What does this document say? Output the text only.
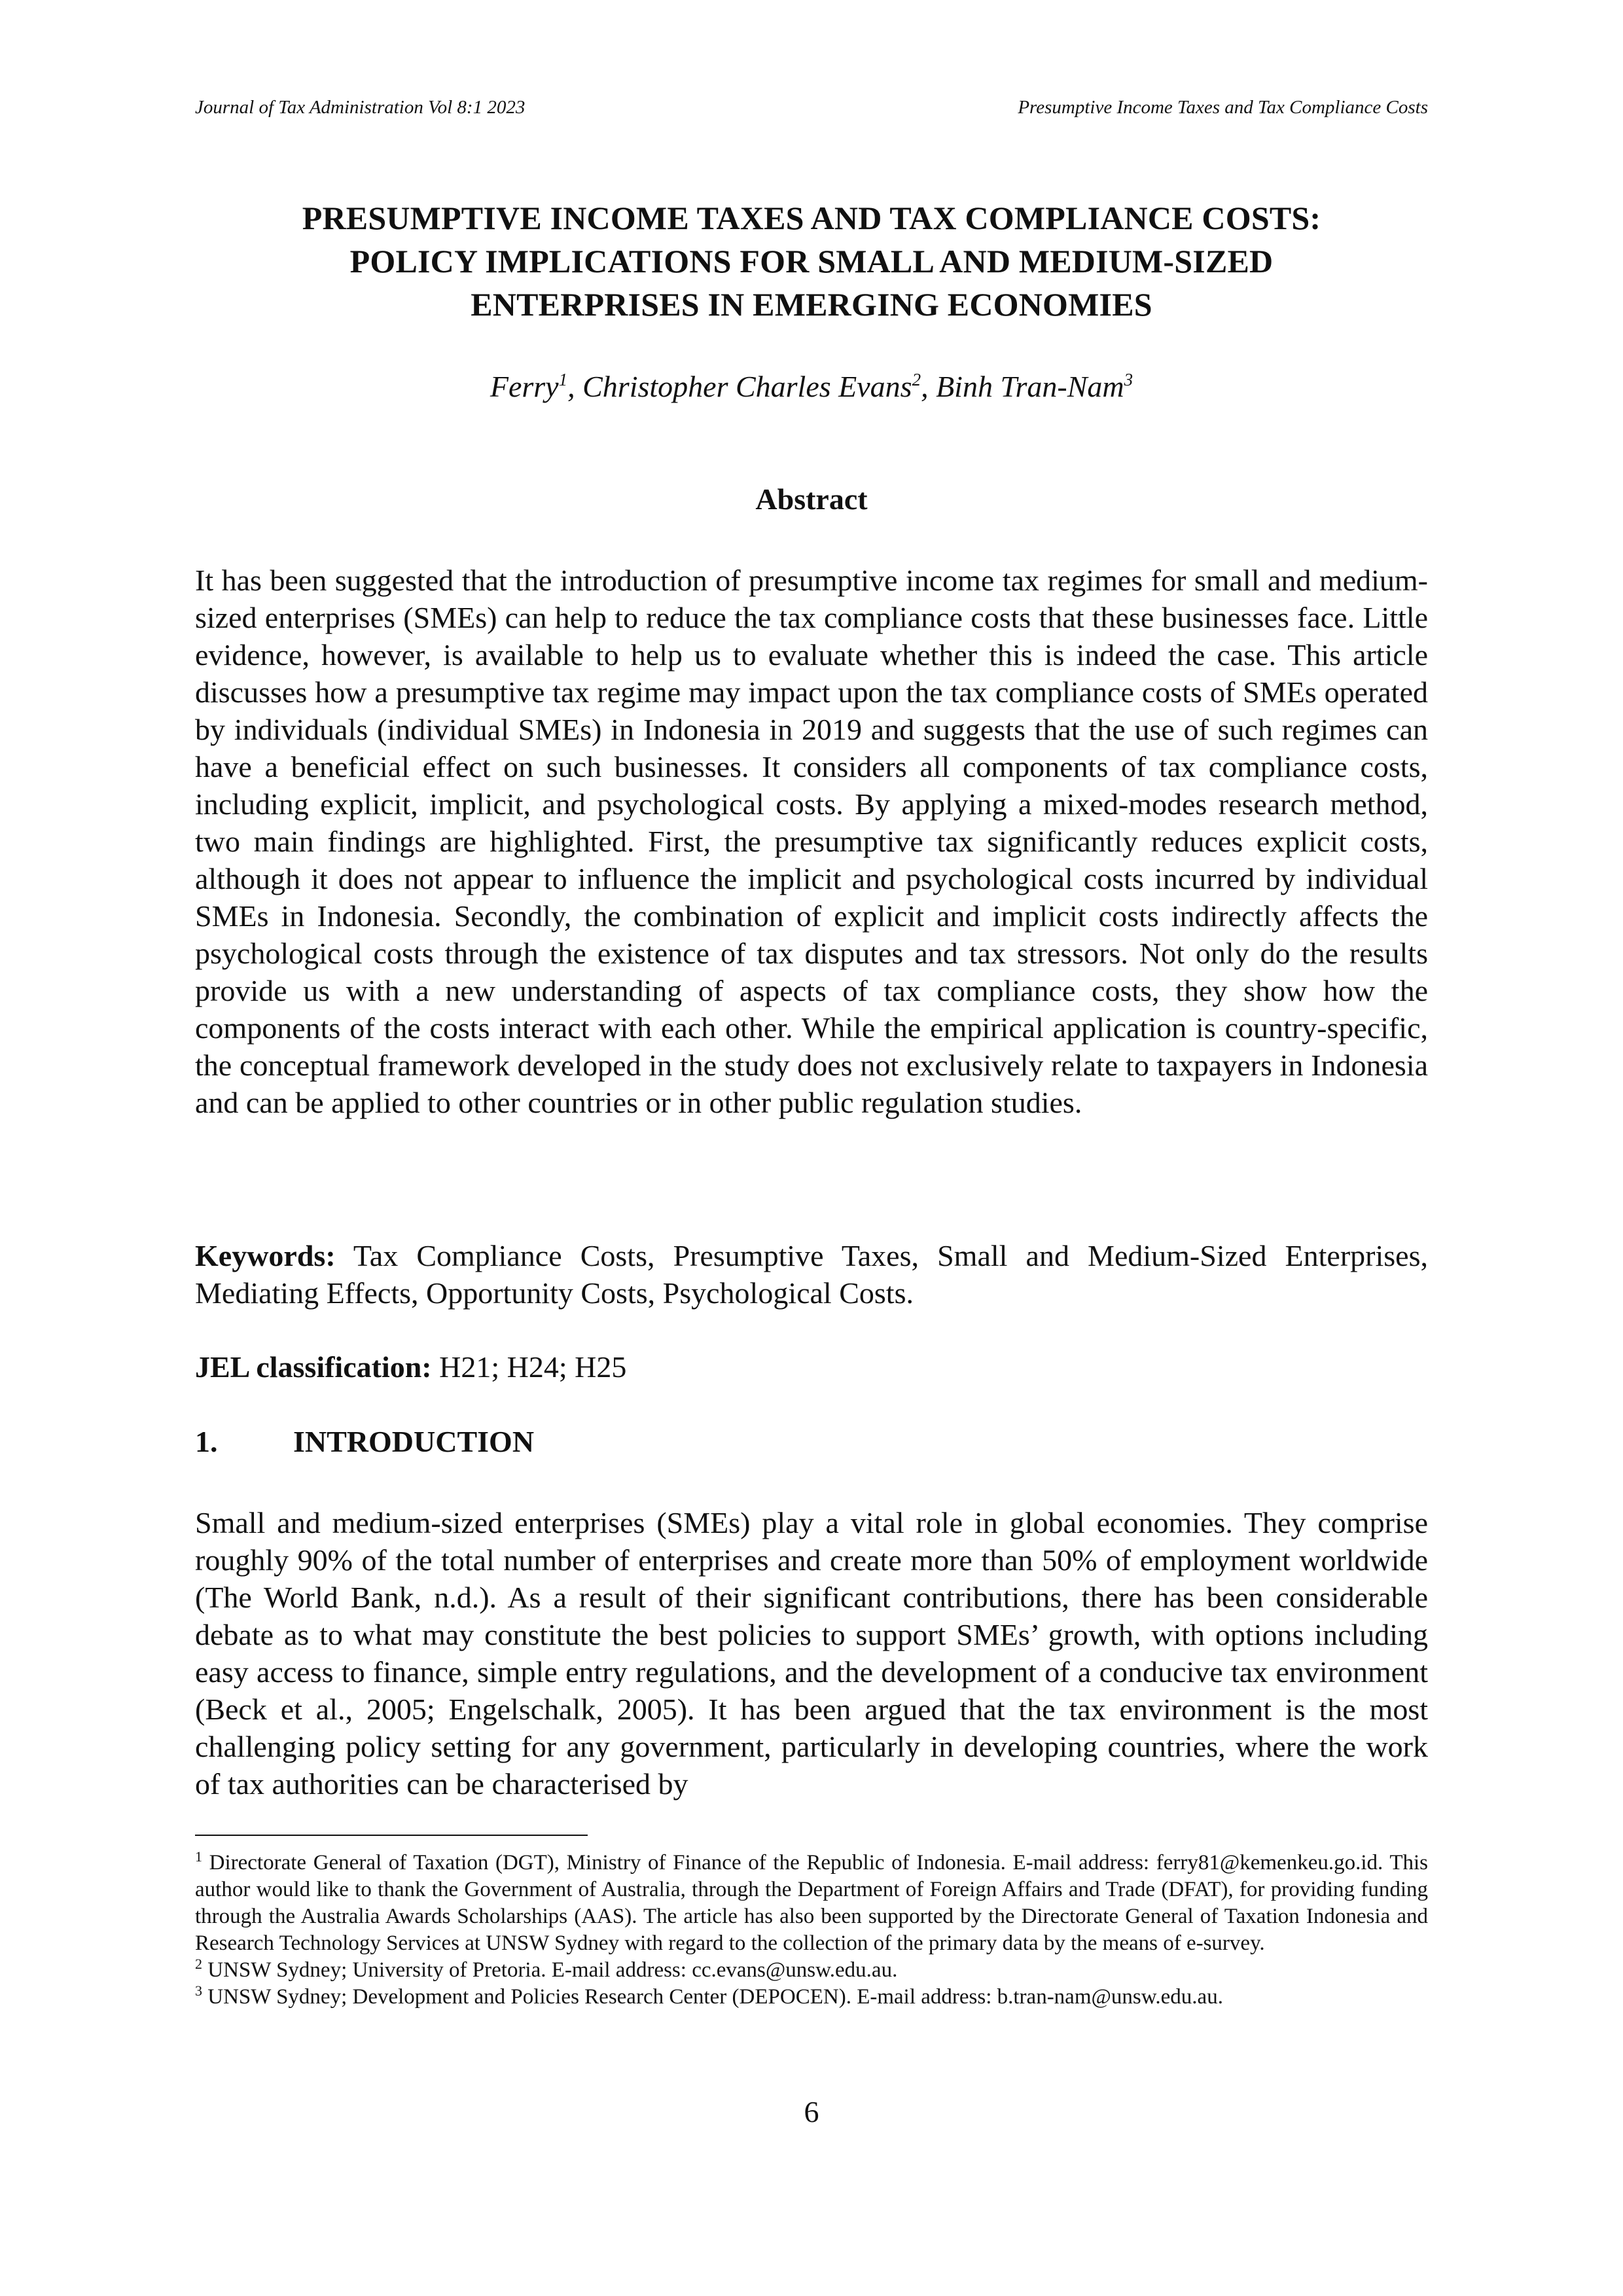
Journal of Tax Administration Vol 8:1 2023	Presumptive Income Taxes and Tax Compliance Costs
PRESUMPTIVE INCOME TAXES AND TAX COMPLIANCE COSTS:
POLICY IMPLICATIONS FOR SMALL AND MEDIUM-SIZED
ENTERPRISES IN EMERGING ECONOMIES
Ferry$^1$, Christopher Charles Evans$^2$, Binh Tran-Nam$^3$
Abstract

It has been suggested that the introduction of presumptive income tax regimes for small and medium-sized enterprises (SMEs) can help to reduce the tax compliance costs that these businesses face. Little evidence, however, is available to help us to evaluate whether this is indeed the case. This article discusses how a presumptive tax regime may impact upon the tax compliance costs of SMEs operated by individuals (individual SMEs) in Indonesia in 2019 and suggests that the use of such regimes can have a beneficial effect on such businesses. It considers all components of tax compliance costs, including explicit, implicit, and psychological costs. By applying a mixed-modes research method, two main findings are highlighted. First, the presumptive tax significantly reduces explicit costs, although it does not appear to influence the implicit and psychological costs incurred by individual SMEs in Indonesia. Secondly, the combination of explicit and implicit costs indirectly affects the psychological costs through the existence of tax disputes and tax stressors. Not only do the results provide us with a new understanding of aspects of tax compliance costs, they show how the components of the costs interact with each other. While the empirical application is country-specific, the conceptual framework developed in the study does not exclusively relate to taxpayers in Indonesia and can be applied to other countries or in other public regulation studies.

Keywords: Tax Compliance Costs, Presumptive Taxes, Small and Medium-Sized Enterprises, Mediating Effects, Opportunity Costs, Psychological Costs.

JEL classification: H21; H24; H25

1.	INTRODUCTION

Small and medium-sized enterprises (SMEs) play a vital role in global economies. They comprise roughly 90% of the total number of enterprises and create more than 50% of employment worldwide (The World Bank, n.d.). As a result of their significant contributions, there has been considerable debate as to what may constitute the best policies to support SMEs’ growth, with options including easy access to finance, simple entry regulations, and the development of a conducive tax environment (Beck et al., 2005; Engelschalk, 2005). It has been argued that the tax environment is the most challenging policy setting for any government, particularly in developing countries, where the work of tax authorities can be characterised by

$^1$ Directorate General of Taxation (DGT), Ministry of Finance of the Republic of Indonesia. E-mail address: ferry81@kemenkeu.go.id. This author would like to thank the Government of Australia, through the Department of Foreign Affairs and Trade (DFAT), for providing funding through the Australia Awards Scholarships (AAS). The article has also been supported by the Directorate General of Taxation Indonesia and Research Technology Services at UNSW Sydney with regard to the collection of the primary data by the means of e-survey.

$^2$ UNSW Sydney; University of Pretoria. E-mail address: cc.evans@unsw.edu.au.

$^3$ UNSW Sydney; Development and Policies Research Center (DEPOCEN). E-mail address: b.tran-nam@unsw.edu.au.

6
